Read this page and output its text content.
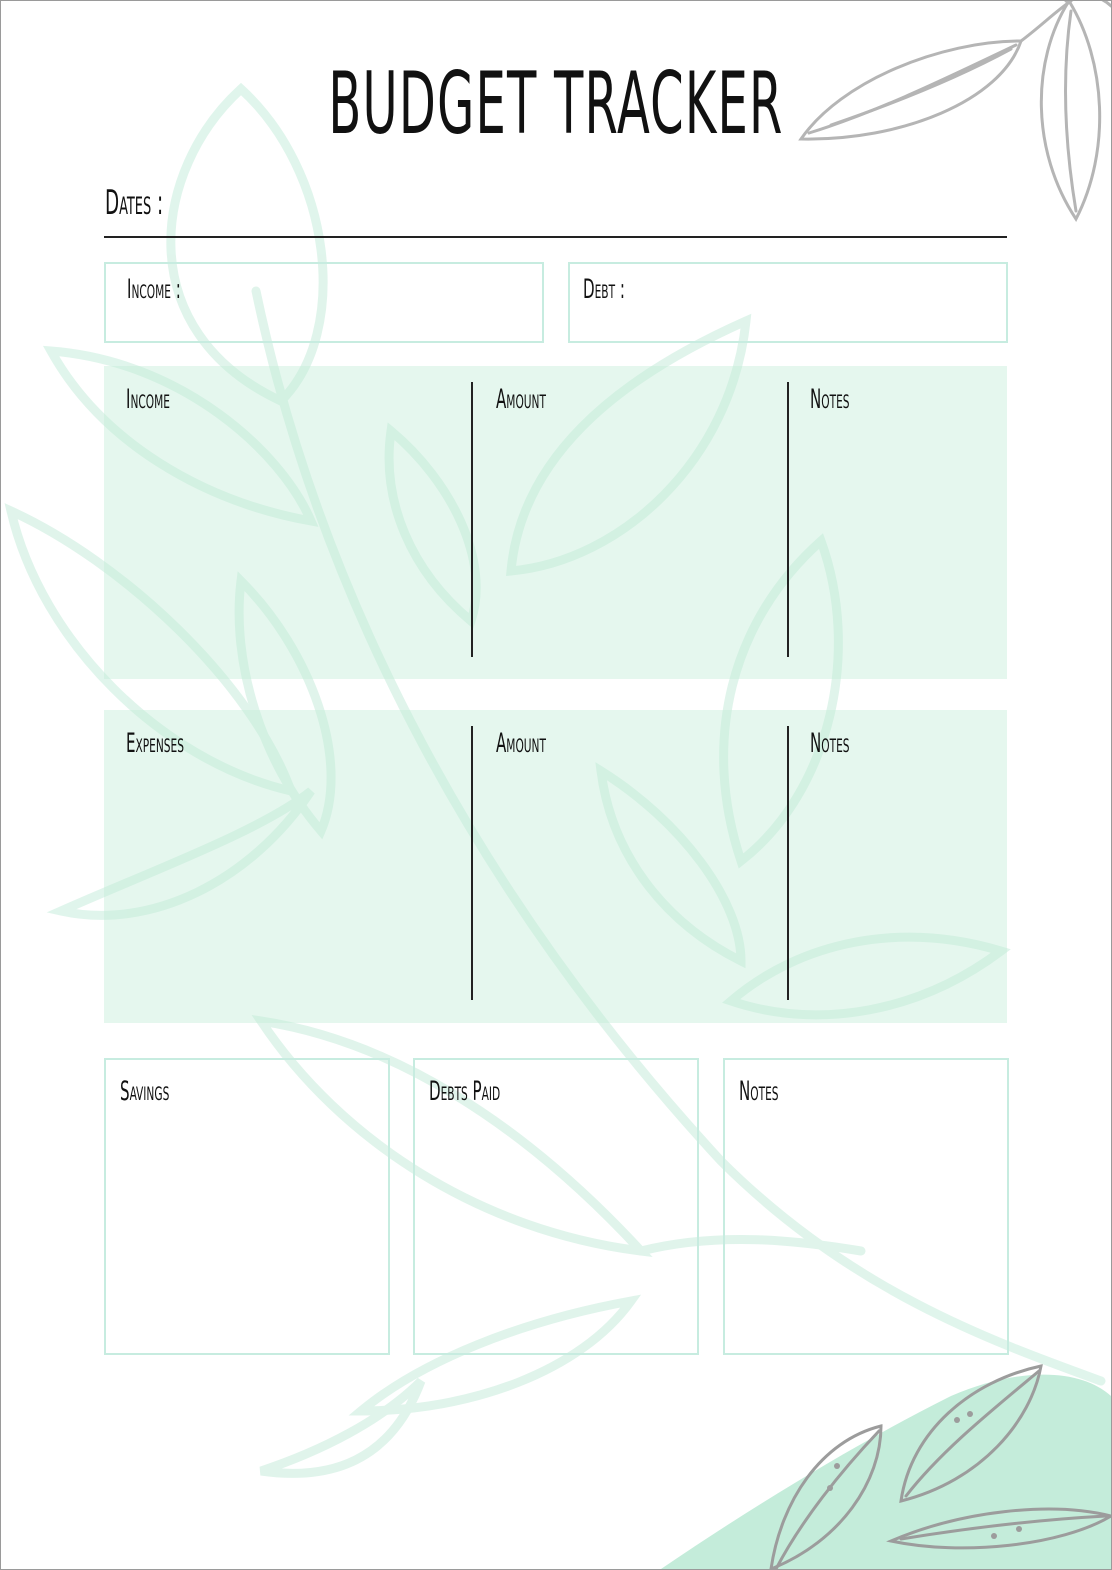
BUDGET TRACKER
Dates :
Income :	Debt :
Income	Amount	Notes
Expenses	Amount	Notes
Savings	Debts Paid	Notes
